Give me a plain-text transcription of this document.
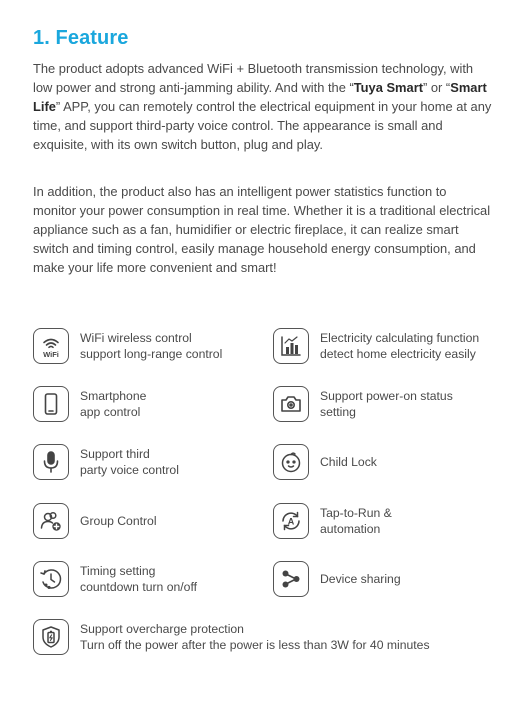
1. Feature

The product adopts advanced WiFi + Bluetooth transmission technology, with low power and strong anti-jamming ability. And with the “Tuya Smart” or “Smart Life” APP, you can remotely control the electrical equipment in your home at any time, and support third-party voice control. The appearance is small and exquisite, with its own switch button, plug and play.

In addition, the product also has an intelligent power statistics function to monitor your power consumption in real time. Whether it is a traditional electrical appliance such as a fan, humidifier or electric fireplace, it can realize smart switch and timing control, easily manage household energy consumption, and make your life more convenient and smart!

WiFi
WiFi wireless control
support long-range control
Electricity calculating function
detect home electricity easily
Smartphone
app control
Support power-on status
setting
Support third
party voice control
Child Lock
Group Control	A
Tap-to-Run &
automation
Timing setting
countdown turn on/off
Device sharing
Support overcharge protection
Turn off the power after the power is less than 3W for 40 minutes
